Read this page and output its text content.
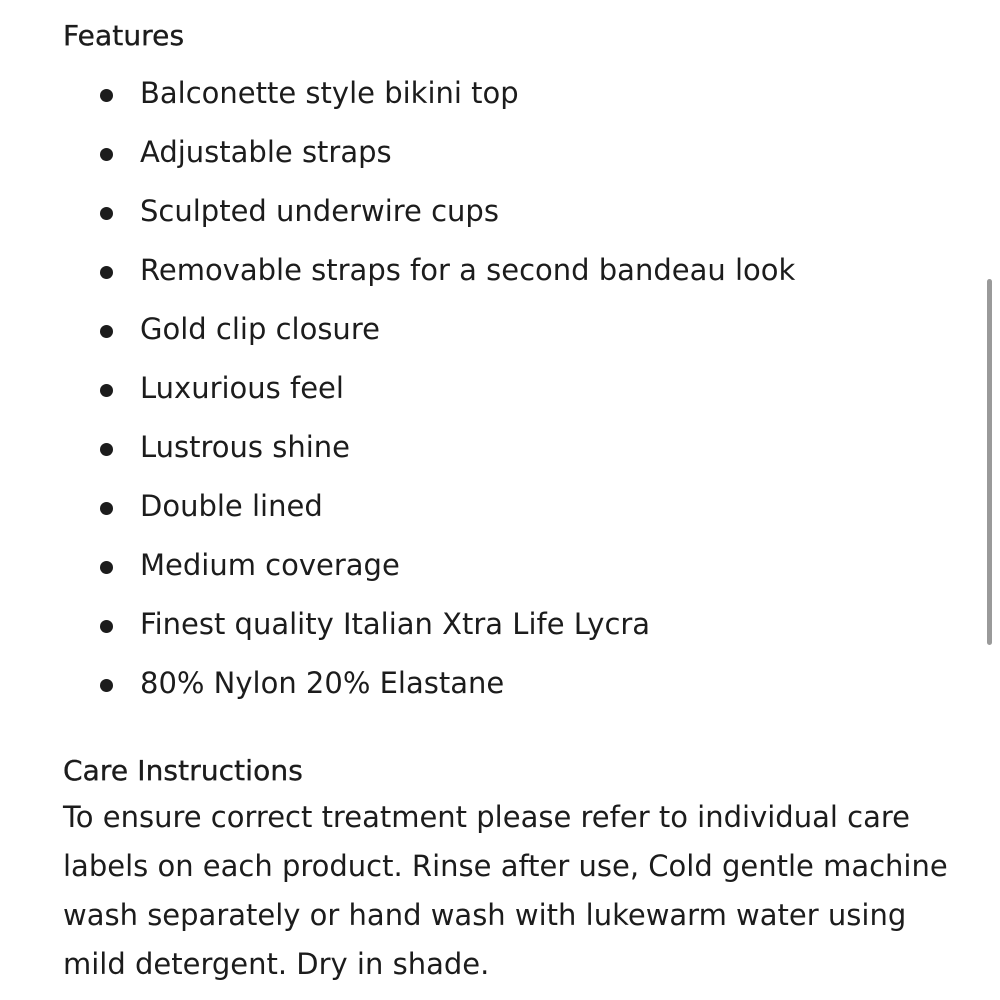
Features
Balconette style bikini top
Adjustable straps
Sculpted underwire cups
Removable straps for a second bandeau look
Gold clip closure
Luxurious feel
Lustrous shine
Double lined
Medium coverage
Finest quality Italian Xtra Life Lycra
80% Nylon 20% Elastane
Care Instructions

To ensure correct treatment please refer to individual care labels on each product. Rinse after use, Cold gentle machine wash separately or hand wash with lukewarm water using mild detergent. Dry in shade.
